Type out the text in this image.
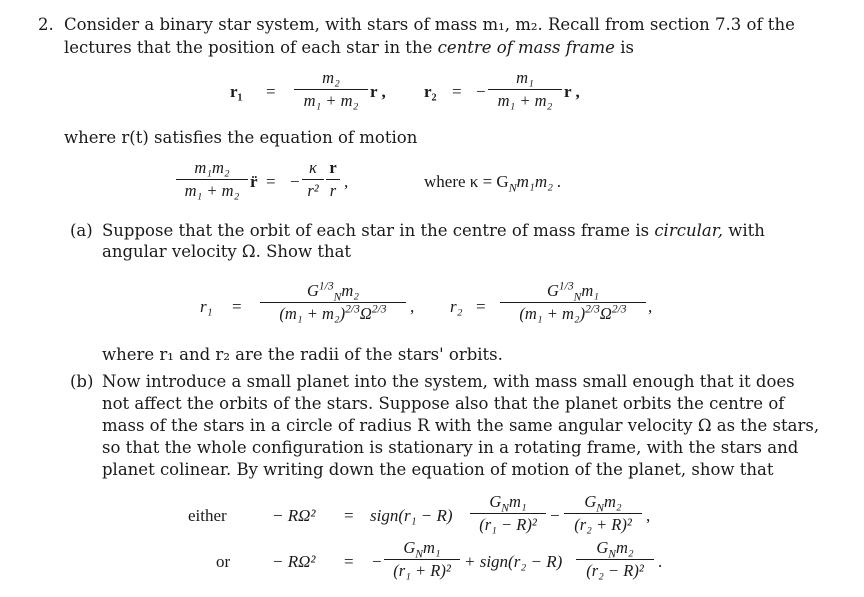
2. Consider a binary star system, with stars of mass m₁, m₂. Recall from section 7.3 of the
lectures that the position of each star in the centre of mass frame is
r₁ =
m₂
m₁ + m₂ r , r₂ = −
m₁
m₁ + m₂ r ,
where r(t) satisfies the equation of motion
m₁m₂
m₁ + m₂ r̈ = −
κ
r²
r
r ,	where $\kappa = G_Nm_1m_2$ .
(a) Suppose that the orbit of each star in the centre of mass frame is circular, with
angular velocity Ω. Show that
r₁ =
$G^{1/3}_Nm_2$
$(m_1 + m_2)^{2/3}\Omega^{2/3}$	, r₂ =
$G^{1/3}_Nm_1$
$(m_1 + m_2)^{2/3}\Omega^{2/3}$	,
where r₁ and r₂ are the radii of the stars' orbits.
(b) Now introduce a small planet into the system, with mass small enough that it does
not affect the orbits of the stars. Suppose also that the planet orbits the centre of
mass of the stars in a circle of radius R with the same angular velocity Ω as the stars,
so that the whole configuration is stationary in a rotating frame, with the stars and
planet colinear. By writing down the equation of motion of the planet, show that
either	− RΩ² = sign(r₁ − R)
$G_Nm_1$
(r₁ − R)² −
$G_Nm_2$
(r₂ + R)² ,
or − RΩ² = −
$G_Nm_1$
(r₁ + R)² + sign(r₂ − R)
$G_Nm_2$
(r₂ − R)² .
